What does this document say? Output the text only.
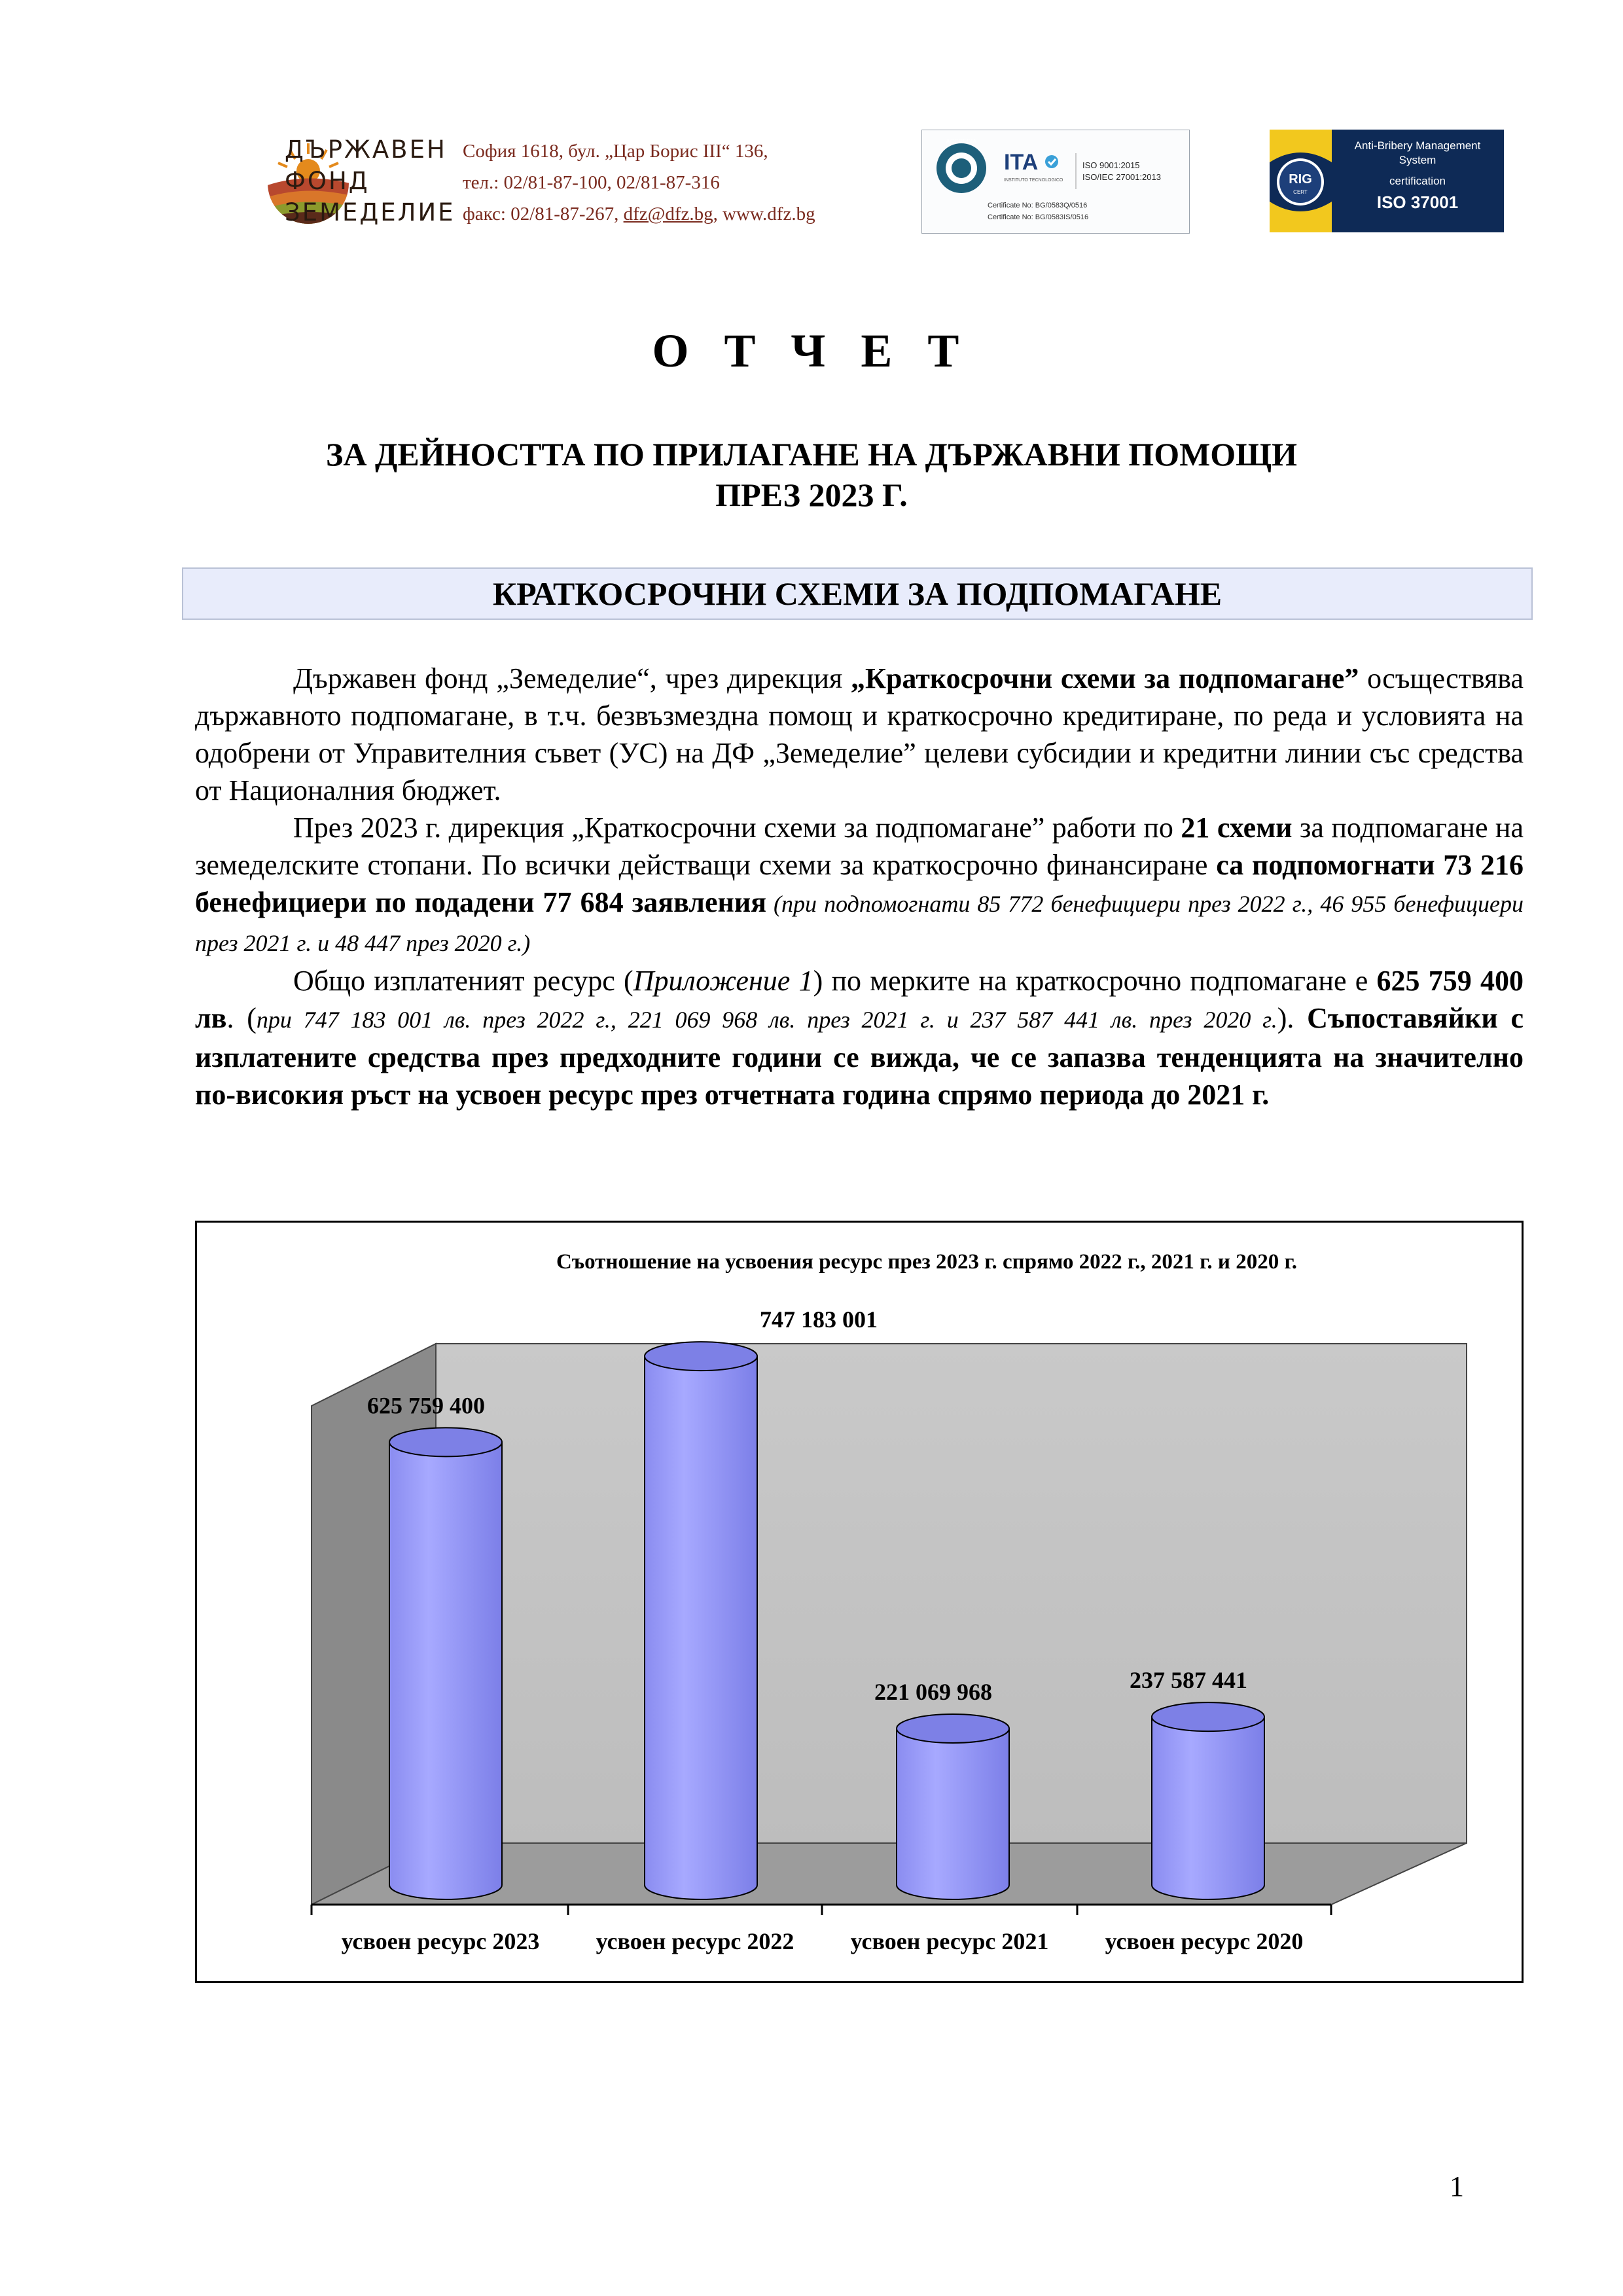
ДЪРЖАВЕН
ФОНД
ЗЕМЕДЕЛИЕ
София 1618, бул. „Цар Борис III“ 136,
тел.: 02/81-87-100, 02/81-87-316
факс: 02/81-87-267, dfz@dfz.bg, www.dfz.bg
ACCREDIA
ITA
INSTITUTO TECNOLOGICO
ISO 9001:2015
ISO/IEC 27001:2013
Certificate No: BG/0583Q/0516
Certificate No: BG/0583IS/0516
RIG
CERT
Anti-Bribery Management
System
certification
ISO 37001
О Т Ч Е Т
ЗА ДЕЙНОСТТА ПО ПРИЛАГАНЕ НА ДЪРЖАВНИ ПОМОЩИ
ПРЕЗ 2023 Г.
КРАТКОСРОЧНИ СХЕМИ ЗА ПОДПОМАГАНЕ

Държавен фонд „Земеделие“, чрез дирекция „Краткосрочни схеми за подпомагане” осъществява държавното подпомагане, в т.ч. безвъзмездна помощ и краткосрочно кредитиране, по реда и условията на одобрени от Управителния съвет (УС) на ДФ „Земеделие” целеви субсидии и кредитни линии със средства от Националния бюджет.

През 2023 г. дирекция „Краткосрочни схеми за подпомагане” работи по 21 схеми за подпомагане на земеделските стопани. По всички действащи схеми за краткосрочно финансиране са подпомогнати 73 216 бенефициери по подадени 77 684 заявления (при подпомогнати 85 772 бенефициери през 2022 г., 46 955 бенефициери през 2021 г. и 48 447 през 2020 г.)

Общо изплатеният ресурс (Приложение 1) по мерките на краткосрочно подпомагане е 625 759 400 лв. (при 747 183 001 лв. през 2022 г., 221 069 968 лв. през 2021 г. и 237 587 441 лв. през 2020 г.). Съпоставяйки с изплатените средства през предходните години се вижда, че се запазва тенденцията на значително по-високия ръст на усвоен ресурс през отчетната година спрямо периода до 2021 г.

Съотношение на усвоения ресурс през 2023 г. спрямо 2022 г., 2021 г. и 2020 г.
625 759 400
усвоен ресурс 2023
747 183 001
усвоен ресурс 2022
221 069 968
усвоен ресурс 2021
237 587 441
усвоен ресурс 2020
1
